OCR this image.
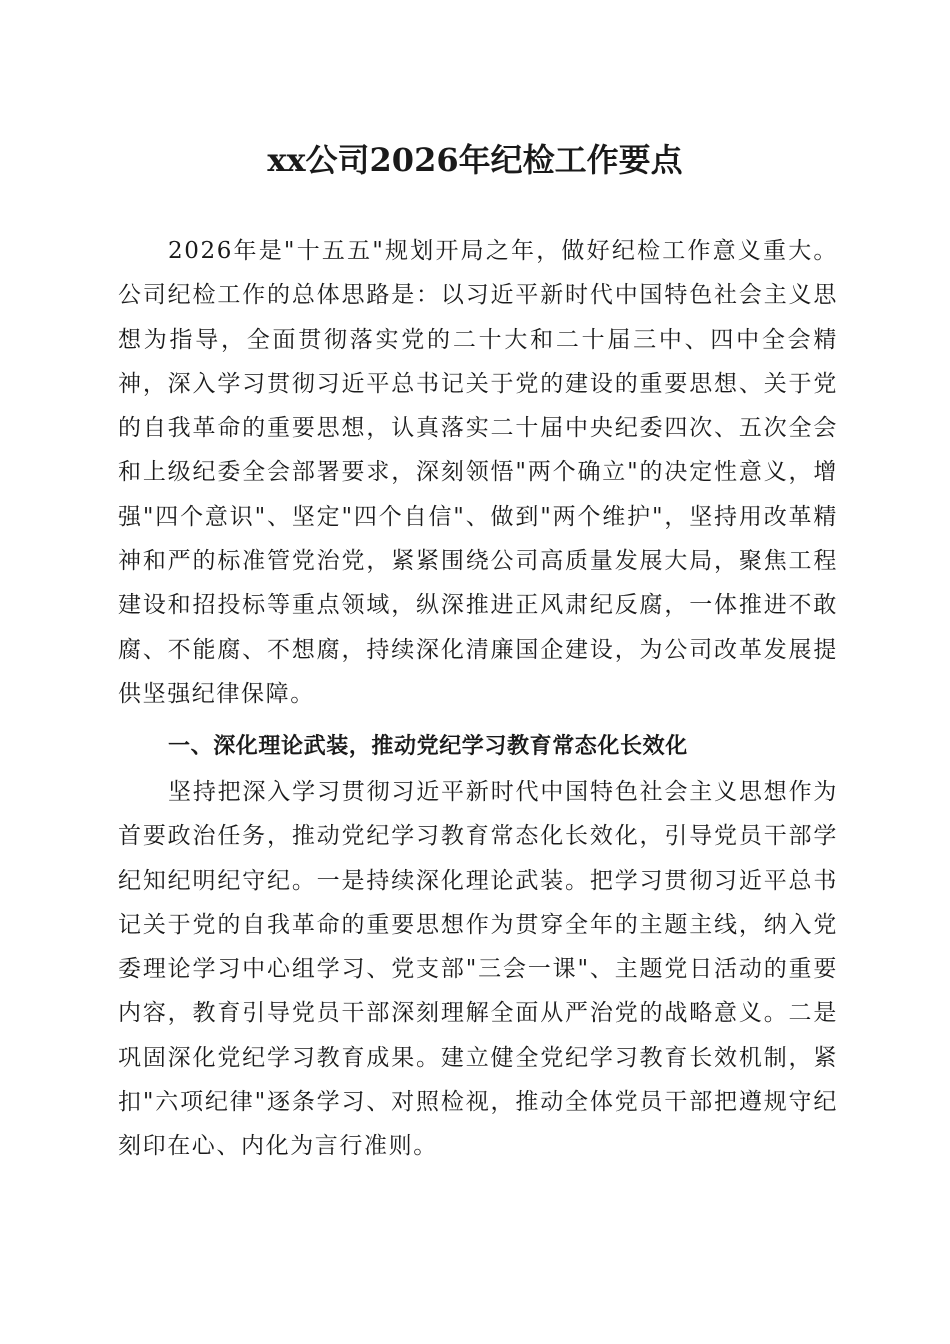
xx公司2026年纪检工作要点

2026年是"十五五"规划开局之年，做好纪检工作意义重大。公司纪检工作的总体思路是：以习近平新时代中国特色社会主义思想为指导，全面贯彻落实党的二十大和二十届三中、四中全会精神，深入学习贯彻习近平总书记关于党的建设的重要思想、关于党的自我革命的重要思想，认真落实二十届中央纪委四次、五次全会和上级纪委全会部署要求，深刻领悟"两个确立"的决定性意义，增强"四个意识"、坚定"四个自信"、做到"两个维护"，坚持用改革精神和严的标准管党治党，紧紧围绕公司高质量发展大局，聚焦工程建设和招投标等重点领域，纵深推进正风肃纪反腐，一体推进不敢腐、不能腐、不想腐，持续深化清廉国企建设，为公司改革发展提供坚强纪律保障。

一、深化理论武装，推动党纪学习教育常态化长效化

坚持把深入学习贯彻习近平新时代中国特色社会主义思想作为首要政治任务，推动党纪学习教育常态化长效化，引导党员干部学纪知纪明纪守纪。一是持续深化理论武装。把学习贯彻习近平总书记关于党的自我革命的重要思想作为贯穿全年的主题主线，纳入党委理论学习中心组学习、党支部"三会一课"、主题党日活动的重要内容，教育引导党员干部深刻理解全面从严治党的战略意义。二是巩固深化党纪学习教育成果。建立健全党纪学习教育长效机制，紧扣"六项纪律"逐条学习、对照检视，推动全体党员干部把遵规守纪刻印在心、内化为言行准则。
